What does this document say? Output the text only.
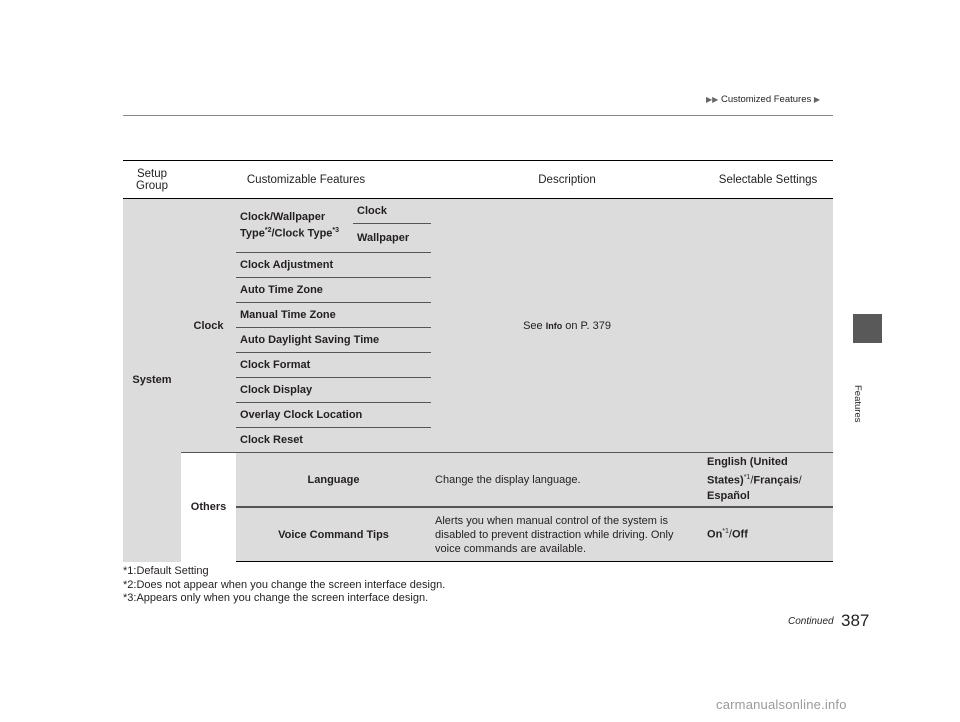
▶▶ Customized Features ▶
Features
Setup Group	Customizable Features			Description	Selectable Settings
System	Clock	Clock/Wallpaper Type$^{*2}$/Clock Type$^{*3}$	Clock	See Info on P. 379	
			Wallpaper		
		Clock Adjustment			
		Auto Time Zone			
		Manual Time Zone			
		Auto Daylight Saving Time			
		Clock Format			
		Clock Display			
		Overlay Clock Location			
		Clock Reset			

	Others	Language		Change the display language.	English (United States)$^{*1}$/Français/
Español
		Voice Command Tips		Alerts you when manual control of the system is disabled to prevent distraction while driving. Only voice commands are available.	On$^{*1}$/Off
*1:Default Setting
*2:Does not appear when you change the screen interface design.
*3:Appears only when you change the screen interface design.
Continued 387
carmanualsonline.info
